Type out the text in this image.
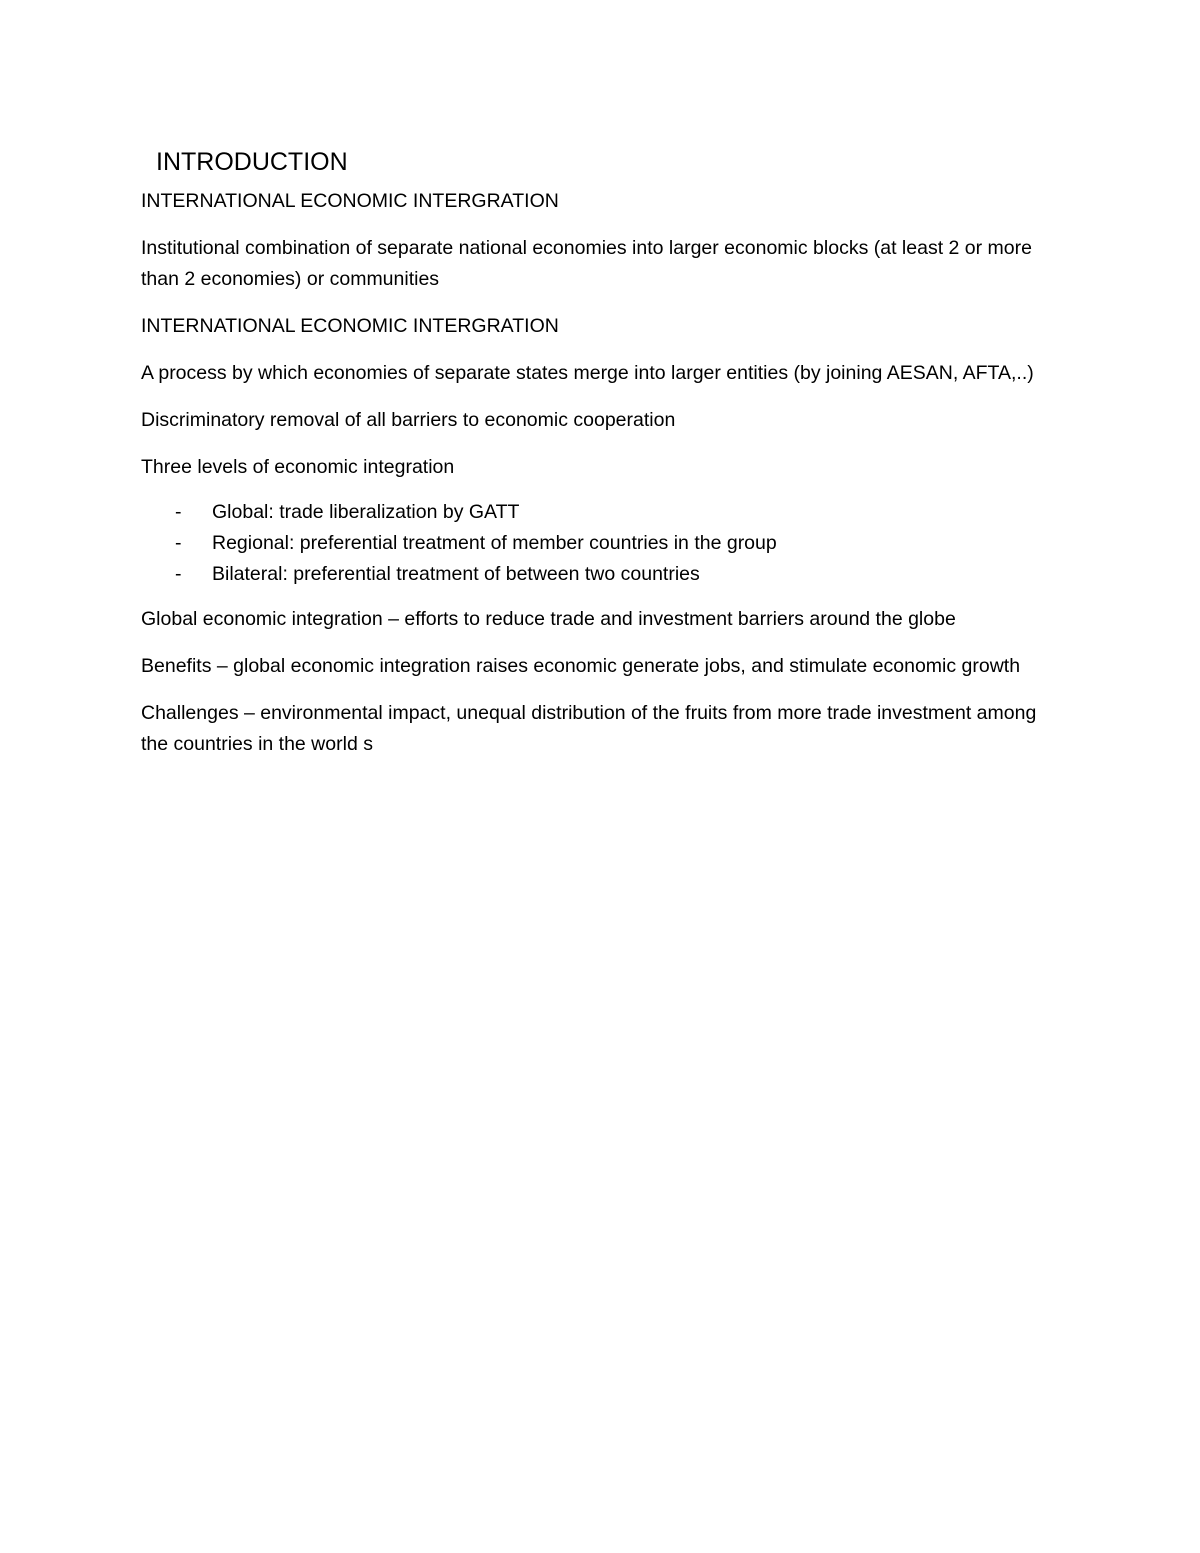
INTRODUCTION

INTERNATIONAL ECONOMIC INTERGRATION

Institutional combination of separate national economies into larger economic blocks (at least 2 or more than 2 economies) or communities

INTERNATIONAL ECONOMIC INTERGRATION

A process by which economies of separate states merge into larger entities (by joining AESAN, AFTA,..)

Discriminatory removal of all barriers to economic cooperation

Three levels of economic integration

- Global: trade liberalization by GATT
- Regional: preferential treatment of member countries in the group
- Bilateral: preferential treatment of between two countries

Global economic integration – efforts to reduce trade and investment barriers around the globe

Benefits – global economic integration raises economic generate jobs, and stimulate economic growth

Challenges – environmental impact, unequal distribution of the fruits from more trade investment among the countries in the world s
